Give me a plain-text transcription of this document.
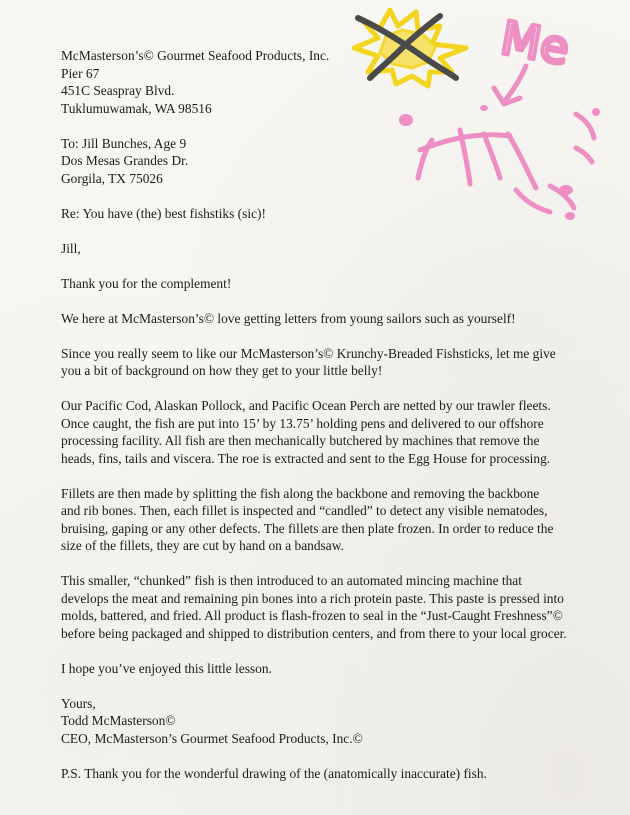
Me

McMasterson’s© Gourmet Seafood Products, Inc.
Pier 67
451C Seaspray Blvd.
Tuklumuwamak, WA 98516

To: Jill Bunches, Age 9
Dos Mesas Grandes Dr.
Gorgila, TX 75026

Re: You have (the) best fishstiks (sic)!

Jill,

Thank you for the complement!

We here at McMasterson’s© love getting letters from young sailors such as yourself!

Since you really seem to like our McMasterson’s© Krunchy-Breaded Fishsticks, let me give
you a bit of background on how they get to your little belly!

Our Pacific Cod, Alaskan Pollock, and Pacific Ocean Perch are netted by our trawler fleets.
Once caught, the fish are put into 15’ by 13.75’ holding pens and delivered to our offshore
processing facility. All fish are then mechanically butchered by machines that remove the
heads, fins, tails and viscera. The roe is extracted and sent to the Egg House for processing.

Fillets are then made by splitting the fish along the backbone and removing the backbone
and rib bones. Then, each fillet is inspected and “candled” to detect any visible nematodes,
bruising, gaping or any other defects. The fillets are then plate frozen. In order to reduce the
size of the fillets, they are cut by hand on a bandsaw.

This smaller, “chunked” fish is then introduced to an automated mincing machine that
develops the meat and remaining pin bones into a rich protein paste. This paste is pressed into
molds, battered, and fried. All product is flash-frozen to seal in the “Just-Caught Freshness”©
before being packaged and shipped to distribution centers, and from there to your local grocer.

I hope you’ve enjoyed this little lesson.

Yours,
Todd McMasterson©
CEO, McMasterson’s Gourmet Seafood Products, Inc.©

P.S. Thank you for the wonderful drawing of the (anatomically inaccurate) fish.
